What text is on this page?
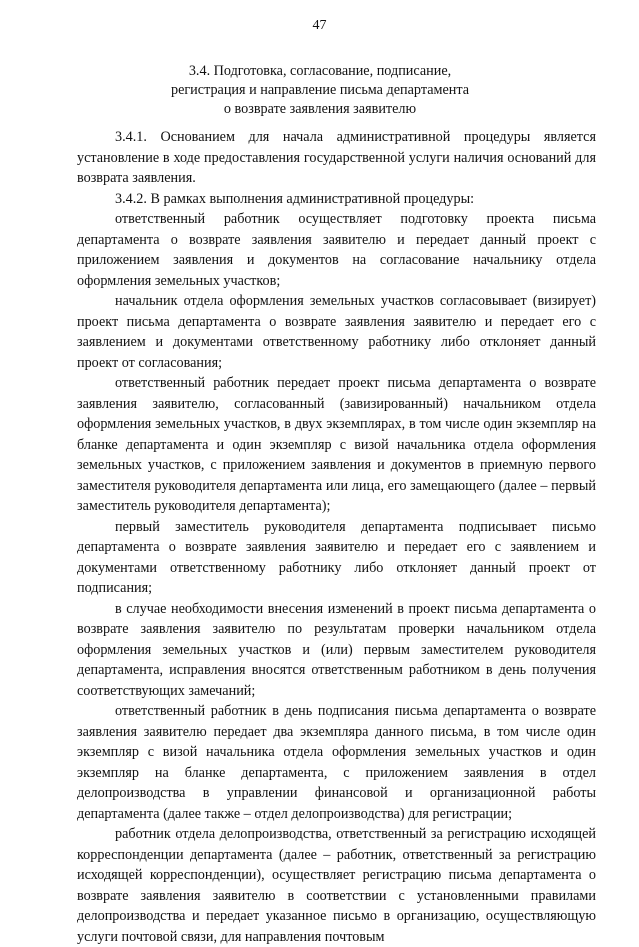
47
3.4. Подготовка, согласование, подписание,
регистрация и направление письма департамента
о возврате заявления заявителю

3.4.1. Основанием для начала административной процедуры является установление в ходе предоставления государственной услуги наличия оснований для возврата заявления.

3.4.2. В рамках выполнения административной процедуры:

ответственный работник осуществляет подготовку проекта письма департамента о возврате заявления заявителю и передает данный проект с приложением заявления и документов на согласование начальнику отдела оформления земельных участков;

начальник отдела оформления земельных участков согласовывает (визирует) проект письма департамента о возврате заявления заявителю и передает его с заявлением и документами ответственному работнику либо отклоняет данный проект от согласования;

ответственный работник передает проект письма департамента о возврате заявления заявителю, согласованный (завизированный) начальником отдела оформления земельных участков, в двух экземплярах, в том числе один экземпляр на бланке департамента и один экземпляр с визой начальника отдела оформления земельных участков, с приложением заявления и документов в приемную первого заместителя руководителя департамента или лица, его замещающего (далее – первый заместитель руководителя департамента);

первый заместитель руководителя департамента подписывает письмо департамента о возврате заявления заявителю и передает его с заявлением и документами ответственному работнику либо отклоняет данный проект от подписания;

в случае необходимости внесения изменений в проект письма департамента о возврате заявления заявителю по результатам проверки начальником отдела оформления земельных участков и (или) первым заместителем руководителя департамента, исправления вносятся ответственным работником в день получения соответствующих замечаний;

ответственный работник в день подписания письма департамента о возврате заявления заявителю передает два экземпляра данного письма, в том числе один экземпляр с визой начальника отдела оформления земельных участков и один экземпляр на бланке департамента, с приложением заявления в отдел делопроизводства в управлении финансовой и организационной работы департамента (далее также – отдел делопроизводства) для регистрации;

работник отдела делопроизводства, ответственный за регистрацию исходящей корреспонденции департамента (далее – работник, ответственный за регистрацию исходящей корреспонденции), осуществляет регистрацию письма департамента о возврате заявления заявителю в соответствии с установленными правилами делопроизводства и передает указанное письмо в организацию, осуществляющую услуги почтовой связи, для направления почтовым
